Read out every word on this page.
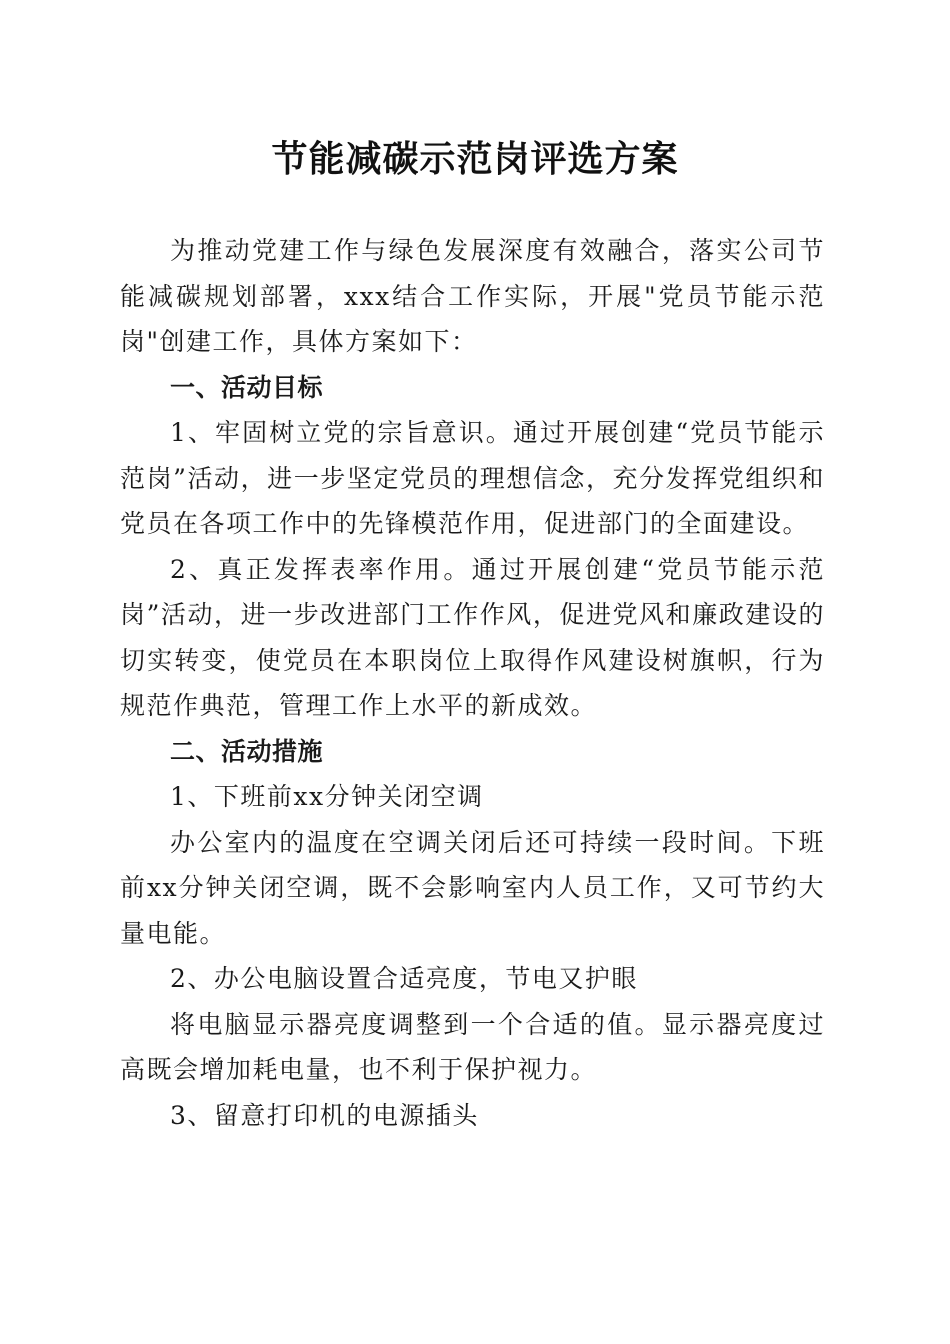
节能减碳示范岗评选方案

为推动党建工作与绿色发展深度有效融合，落实公司节能减碳规划部署，xxx结合工作实际，开展"党员节能示范岗"创建工作，具体方案如下：

一、活动目标

1、牢固树立党的宗旨意识。通过开展创建“党员节能示范岗”活动，进一步坚定党员的理想信念，充分发挥党组织和党员在各项工作中的先锋模范作用，促进部门的全面建设。

2、真正发挥表率作用。通过开展创建“党员节能示范岗”活动，进一步改进部门工作作风，促进党风和廉政建设的切实转变，使党员在本职岗位上取得作风建设树旗帜，行为规范作典范，管理工作上水平的新成效。

二、活动措施

1、下班前xx分钟关闭空调

办公室内的温度在空调关闭后还可持续一段时间。下班前xx分钟关闭空调，既不会影响室内人员工作，又可节约大量电能。

2、办公电脑设置合适亮度，节电又护眼

将电脑显示器亮度调整到一个合适的值。显示器亮度过高既会增加耗电量，也不利于保护视力。

3、留意打印机的电源插头
